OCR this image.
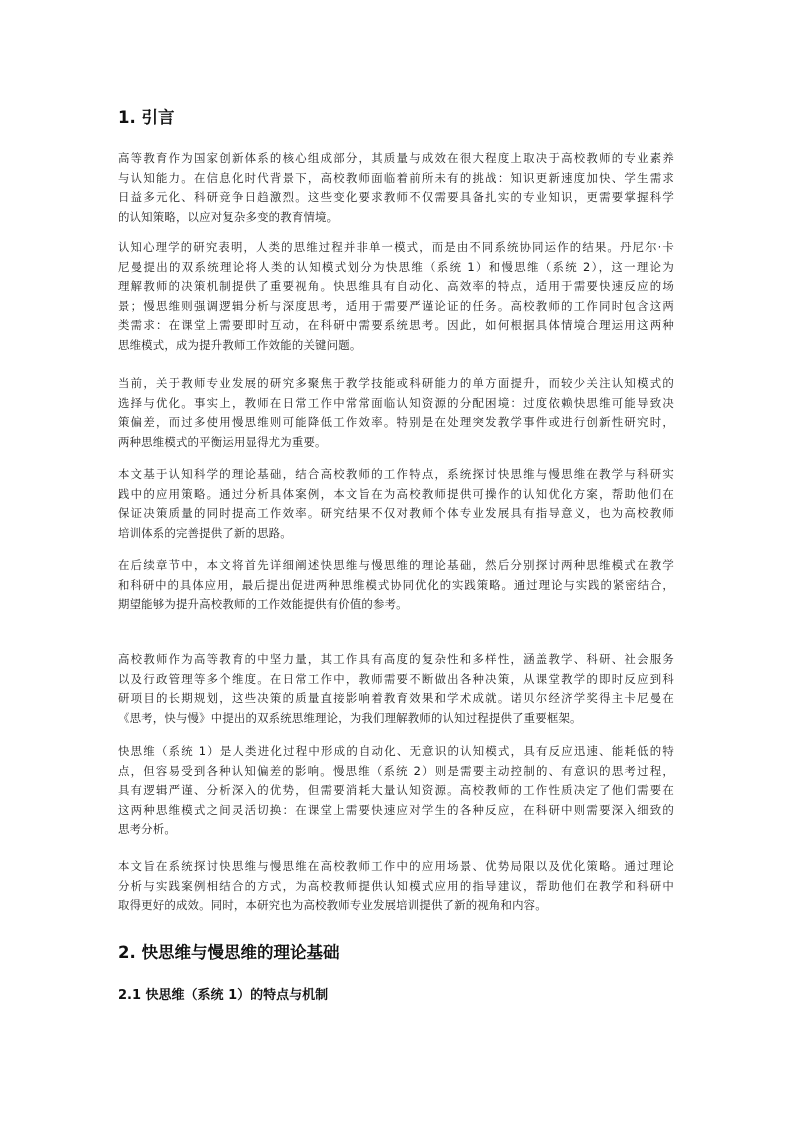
1. 引言
高等教育作为国家创新体系的核心组成部分，其质量与成效在很大程度上取决于高校教师的专业素养
与认知能力。在信息化时代背景下，高校教师面临着前所未有的挑战：知识更新速度加快、学生需求
日益多元化、科研竞争日趋激烈。这些变化要求教师不仅需要具备扎实的专业知识，更需要掌握科学
的认知策略，以应对复杂多变的教育情境。
认知心理学的研究表明，人类的思维过程并非单一模式，而是由不同系统协同运作的结果。丹尼尔·卡
尼曼提出的双系统理论将人类的认知模式划分为快思维（系统 1）和慢思维（系统 2），这一理论为
理解教师的决策机制提供了重要视角。快思维具有自动化、高效率的特点，适用于需要快速反应的场
景；慢思维则强调逻辑分析与深度思考，适用于需要严谨论证的任务。高校教师的工作同时包含这两
类需求：在课堂上需要即时互动，在科研中需要系统思考。因此，如何根据具体情境合理运用这两种
思维模式，成为提升教师工作效能的关键问题。
当前，关于教师专业发展的研究多聚焦于教学技能或科研能力的单方面提升，而较少关注认知模式的
选择与优化。事实上，教师在日常工作中常常面临认知资源的分配困境：过度依赖快思维可能导致决
策偏差，而过多使用慢思维则可能降低工作效率。特别是在处理突发教学事件或进行创新性研究时，
两种思维模式的平衡运用显得尤为重要。
本文基于认知科学的理论基础，结合高校教师的工作特点，系统探讨快思维与慢思维在教学与科研实
践中的应用策略。通过分析具体案例，本文旨在为高校教师提供可操作的认知优化方案，帮助他们在
保证决策质量的同时提高工作效率。研究结果不仅对教师个体专业发展具有指导意义，也为高校教师
培训体系的完善提供了新的思路。
在后续章节中，本文将首先详细阐述快思维与慢思维的理论基础，然后分别探讨两种思维模式在教学
和科研中的具体应用，最后提出促进两种思维模式协同优化的实践策略。通过理论与实践的紧密结合，
期望能够为提升高校教师的工作效能提供有价值的参考。
高校教师作为高等教育的中坚力量，其工作具有高度的复杂性和多样性，涵盖教学、科研、社会服务
以及行政管理等多个维度。在日常工作中，教师需要不断做出各种决策，从课堂教学的即时反应到科
研项目的长期规划，这些决策的质量直接影响着教育效果和学术成就。诺贝尔经济学奖得主卡尼曼在
《思考，快与慢》中提出的双系统思维理论，为我们理解教师的认知过程提供了重要框架。
快思维（系统 1）是人类进化过程中形成的自动化、无意识的认知模式，具有反应迅速、能耗低的特
点，但容易受到各种认知偏差的影响。慢思维（系统 2）则是需要主动控制的、有意识的思考过程，
具有逻辑严谨、分析深入的优势，但需要消耗大量认知资源。高校教师的工作性质决定了他们需要在
这两种思维模式之间灵活切换：在课堂上需要快速应对学生的各种反应，在科研中则需要深入细致的
思考分析。
本文旨在系统探讨快思维与慢思维在高校教师工作中的应用场景、优势局限以及优化策略。通过理论
分析与实践案例相结合的方式，为高校教师提供认知模式应用的指导建议，帮助他们在教学和科研中
取得更好的成效。同时，本研究也为高校教师专业发展培训提供了新的视角和内容。
2. 快思维与慢思维的理论基础
2.1 快思维（系统 1）的特点与机制
